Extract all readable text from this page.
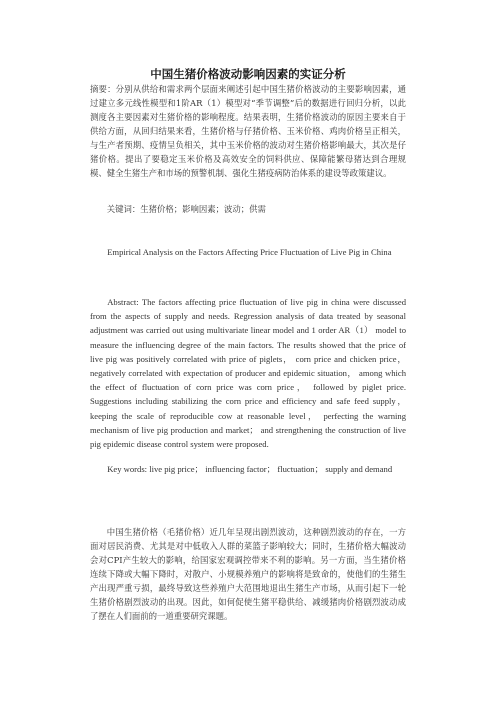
中国生猪价格波动影响因素的实证分析
摘要：分别从供给和需求两个层面来阐述引起中国生猪价格波动的主要影响因素，通过建立多元线性模型和1阶AR（1）模型对“季节调整”后的数据进行回归分析，以此测度各主要因素对生猪价格的影响程度。结果表明，生猪价格波动的原因主要来自于供给方面，从回归结果来看，生猪价格与仔猪价格、玉米价格、鸡肉价格呈正相关，与生产者预期、疫情呈负相关，其中玉米价格的波动对生猪价格影响最大，其次是仔猪价格。提出了要稳定玉米价格及高效安全的饲料供应、保障能繁母猪达到合理规模、健全生猪生产和市场的预警机制、强化生猪疫病防治体系的建设等政策建议。
关键词：生猪价格；影响因素；波动；供需
Empirical Analysis on the Factors Affecting Price Fluctuation of Live Pig in China
Abstract: The factors affecting price fluctuation of live pig in china were discussed from the aspects of supply and needs. Regression analysis of data treated by seasonal adjustment was carried out using multivariate linear model and 1 order AR（1） model to measure the influencing degree of the main factors. The results showed that the price of live pig was positively correlated with price of piglets， corn price and chicken price， negatively correlated with expectation of producer and epidemic situation， among which the effect of fluctuation of corn price was corn price， followed by piglet price. Suggestions including stabilizing the corn price and efficiency and safe feed supply， keeping the scale of reproducible cow at reasonable level， perfecting the warning mechanism of live pig production and market； and strengthening the construction of live pig epidemic disease control system were proposed.
Key words: live pig price； influencing factor； fluctuation； supply and demand
中国生猪价格（毛猪价格）近几年呈现出剧烈波动，这种剧烈波动的存在，一方面对居民消费、尤其是对中低收入人群的菜篮子影响较大；同时，生猪价格大幅波动会对CPI产生较大的影响，给国家宏观调控带来不利的影响。另一方面，当生猪价格连续下降或大幅下降时，对散户、小规模养殖户的影响将是致命的，使他们的生猪生产出现严重亏损，最终导致这些养殖户大范围地退出生猪生产市场，从而引起下一轮生猪价格剧烈波动的出现。因此，如何促使生猪平稳供给、减缓猪肉价格剧烈波动成了摆在人们面前的一道重要研究课题。
